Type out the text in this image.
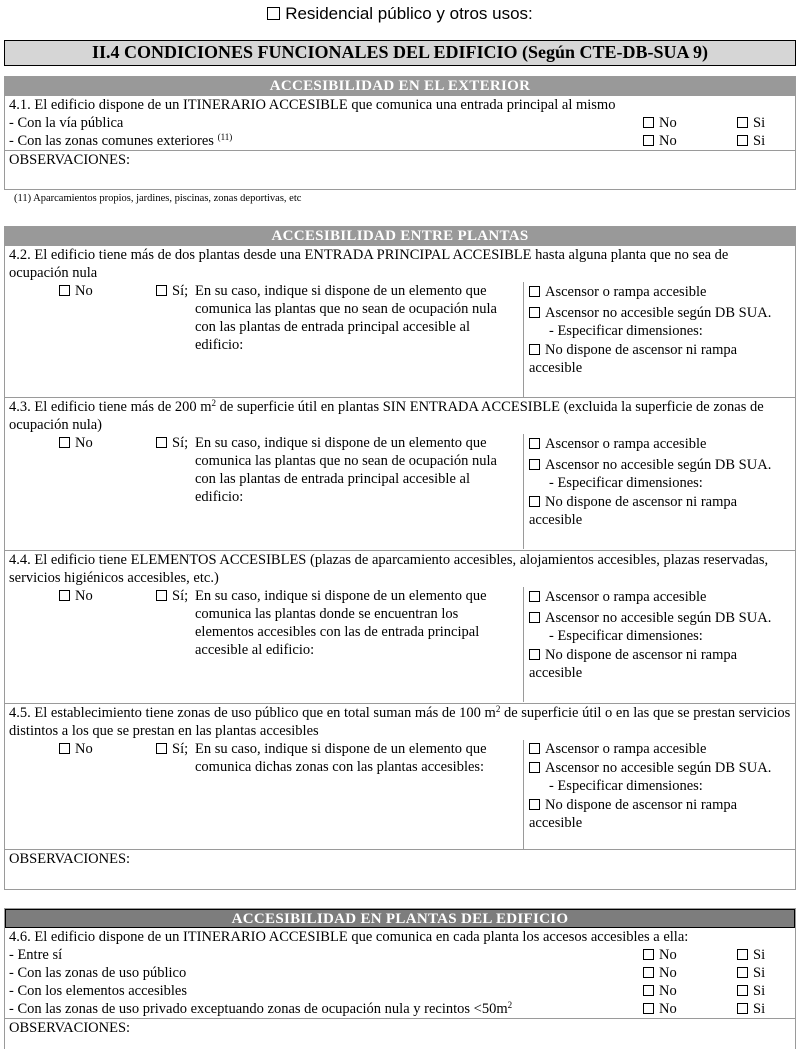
Residencial público y otros usos:
II.4 CONDICIONES FUNCIONALES DEL EDIFICIO (Según CTE-DB-SUA 9)
ACCESIBILIDAD EN EL EXTERIOR
4.1. El edificio dispone de un ITINERARIO ACCESIBLE que comunica una entrada principal al mismo
- Con la vía pública	No	Si
- Con las zonas comunes exteriores $^{(11)}$	No	Si
OBSERVACIONES:
(11) Aparcamientos propios, jardines, piscinas, zonas deportivas, etc
ACCESIBILIDAD ENTRE PLANTAS
4.2. El edificio tiene más de dos plantas desde una ENTRADA PRINCIPAL ACCESIBLE hasta alguna planta que no sea de ocupación nula
No	Sí; En su caso, indique si dispone de un elemento que comunica las plantas que no sean de ocupación nula con las plantas de entrada principal accesible al edificio:
Ascensor o rampa accesible
Ascensor no accesible según DB SUA.
- Especificar dimensiones:
No dispone de ascensor ni rampa accesible
4.3. El edificio tiene más de 200 $m^2$ de superficie útil en plantas SIN ENTRADA ACCESIBLE (excluida la superficie de zonas de ocupación nula)
No	Sí; En su caso, indique si dispone de un elemento que comunica las plantas que no sean de ocupación nula con las plantas de entrada principal accesible al edificio:
Ascensor o rampa accesible
Ascensor no accesible según DB SUA.
- Especificar dimensiones:
No dispone de ascensor ni rampa accesible
4.4. El edificio tiene ELEMENTOS ACCESIBLES (plazas de aparcamiento accesibles, alojamientos accesibles, plazas reservadas, servicios higiénicos accesibles, etc.)
No	Sí; En su caso, indique si dispone de un elemento que comunica las plantas donde se encuentran los elementos accesibles con las de entrada principal accesible al edificio:
Ascensor o rampa accesible
Ascensor no accesible según DB SUA.
- Especificar dimensiones:
No dispone de ascensor ni rampa accesible
4.5. El establecimiento tiene zonas de uso público que en total suman más de 100 $m^2$ de superficie útil o en las que se prestan servicios distintos a los que se prestan en las plantas accesibles
No	Sí; En su caso, indique si dispone de un elemento que comunica dichas zonas con las plantas accesibles:
Ascensor o rampa accesible
Ascensor no accesible según DB SUA.
- Especificar dimensiones:
No dispone de ascensor ni rampa accesible
OBSERVACIONES:
ACCESIBILIDAD EN PLANTAS DEL EDIFICIO
4.6. El edificio dispone de un ITINERARIO ACCESIBLE que comunica en cada planta los accesos accesibles a ella:
- Entre sí	No	Si
- Con las zonas de uso público	No	Si
- Con los elementos accesibles	No	Si
- Con las zonas de uso privado exceptuando zonas de ocupación nula y recintos $<50m^2$	No	Si
OBSERVACIONES:
